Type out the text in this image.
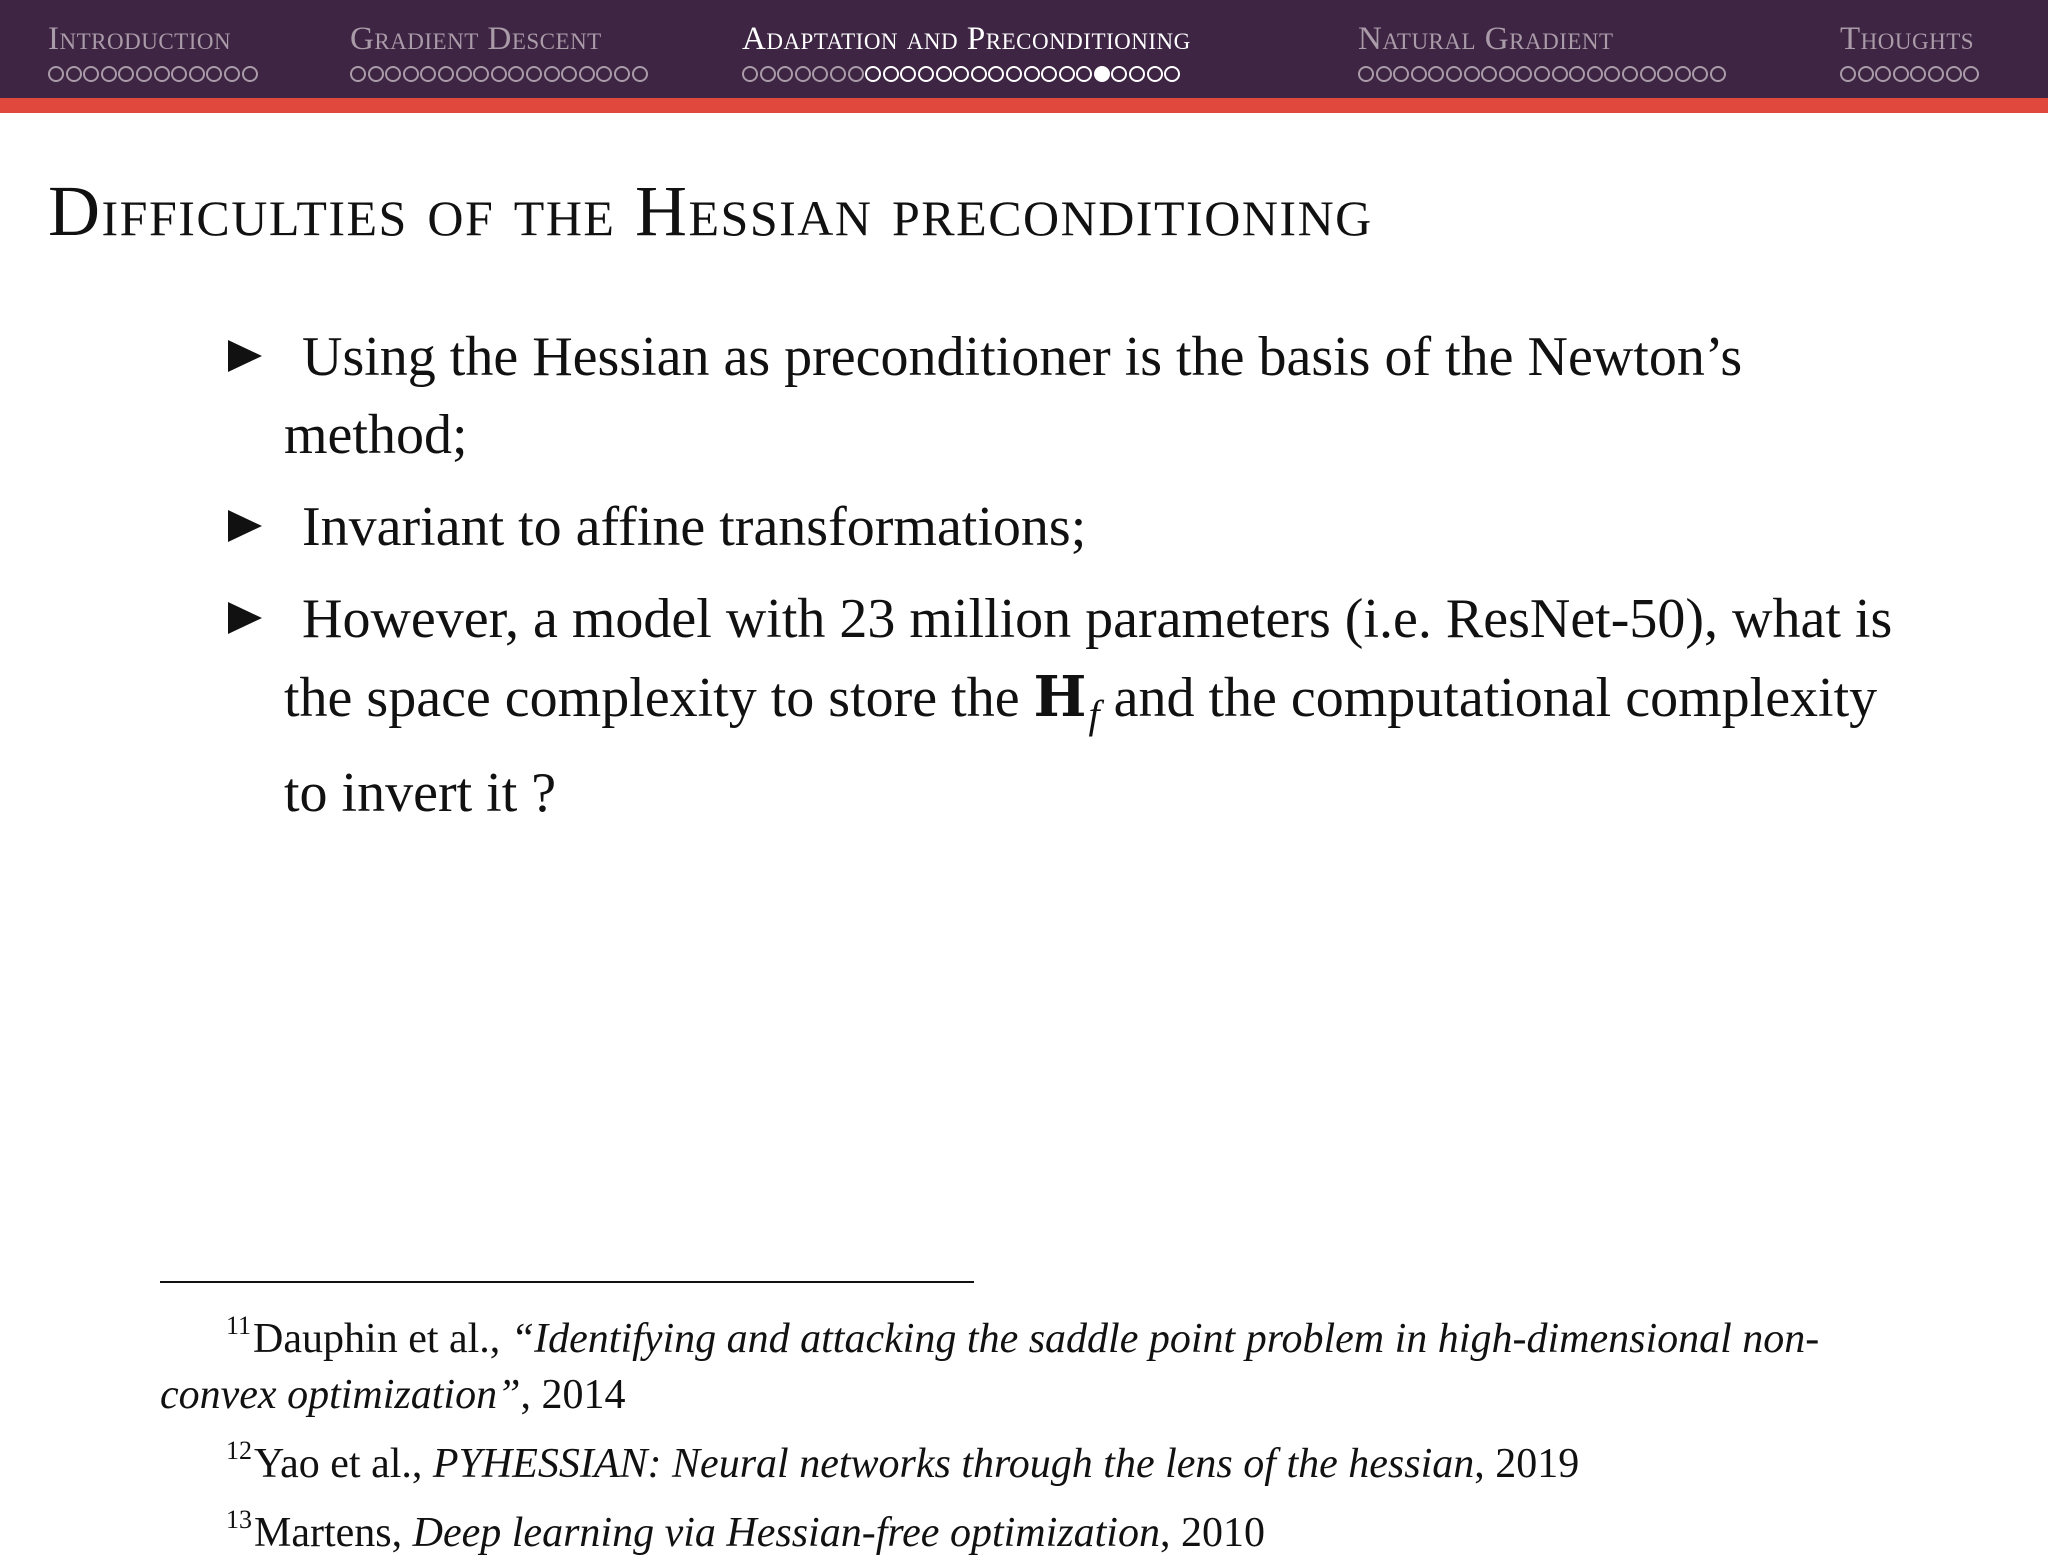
Introduction	Gradient Descent	Adaptation and Preconditioning	Natural Gradient	Thoughts
Difficulties of the Hessian preconditioning
Using the Hessian as preconditioner is the basis of the Newton’s method;
Invariant to affine transformations;
However, a model with 23 million parameters (i.e. ResNet-50), what is the space complexity to store the $H_f$ and the computational complexity to invert it ?

$^{11}$Dauphin et al., “Identifying and attacking the saddle point problem in high-dimensional non-convex optimization”, 2014

$^{12}$Yao et al., PYHESSIAN: Neural networks through the lens of the hessian, 2019

$^{13}$Martens, Deep learning via Hessian-free optimization, 2010
